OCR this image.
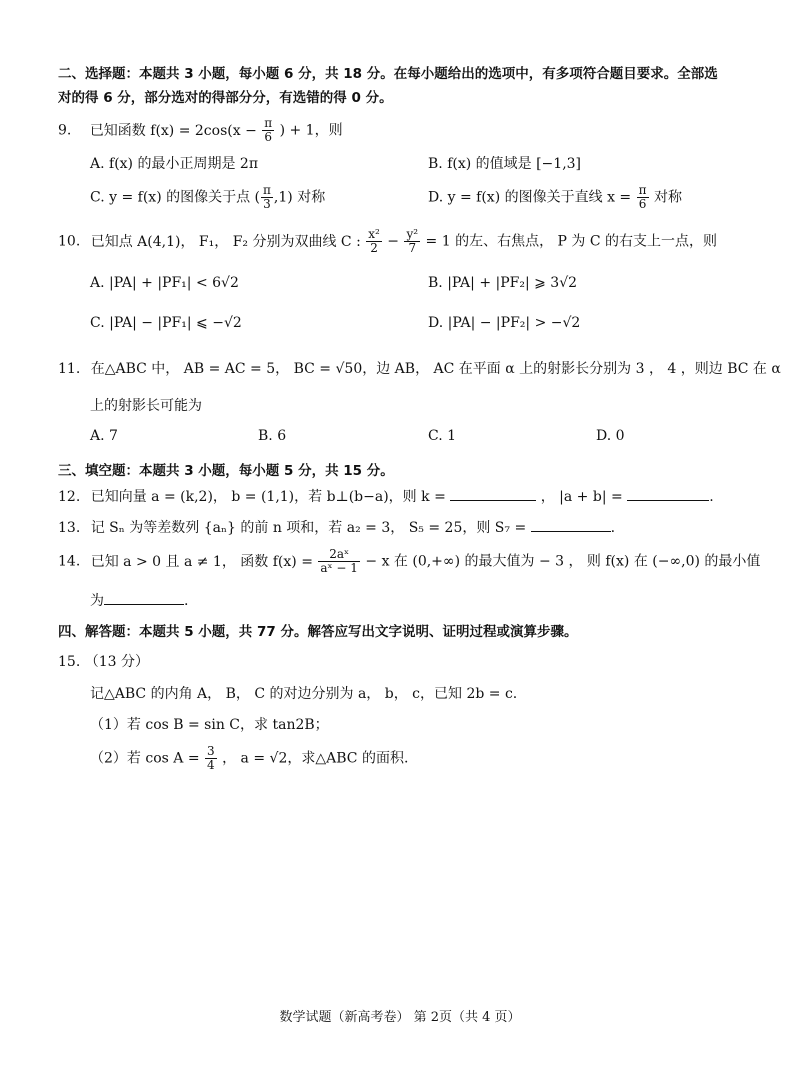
二、选择题：本题共 3 小题，每小题 6 分，共 18 分。在每小题给出的选项中，有多项符合题目要求。全部选
对的得 6 分，部分选对的得部分分，有选错的得 0 分。
9. 已知函数 $f(x) = 2\cos(x - \frac{\pi}{6}$ ) + 1，则
A. f(x) 的最小正周期是 2π	B. f(x) 的值域是 [−1,3]
C. y = f(x) 的图像关于点 ( $\frac{\pi}{3} ,1$) 对称	D. y = f(x) 的图像关于直线 $x = \frac{\pi}{6}$ 对称
10. 已知点 A(4,1)， F₁， F₂ 分别为双曲线 C : $\frac{\text{x²}}{2} - \frac{\text{y²}}{7} = 1$ 的左、右焦点， P 为 C 的右支上一点，则
A. |PA| + |PF₁| < 6√2	B. |PA| + |PF₂| ⩾ 3√2
C. |PA| − |PF₁| ⩽ −√2	D. |PA| − |PF₂| > −√2
11. 在△ABC 中， AB = AC = 5， BC = √50，边 AB， AC 在平面 α 上的射影长分别为 3 ， 4 ，则边 BC 在 α
上的射影长可能为
A. 7	B. 6	C. 1	D. 0
三、填空题：本题共 3 小题，每小题 5 分，共 15 分。
12. 已知向量 a = (k,2)， b = (1,1)，若 b⊥(b−a)，则 k =	， |a + b| =	.
13. 记 Sₙ 为等差数列 {aₙ} 的前 n 项和，若 a₂ = 3， S₅ = 25，则 S₇ =	.
14. 已知 a > 0 且 a ≠ 1， 函数 $f(x) = \frac{\text{2aˣ}}{\text{aˣ − 1}} - x$ 在 (0,+∞) 的最大值为 − 3 ， 则 f(x) 在 (−∞,0) 的最小值
为	.
四、解答题：本题共 5 小题，共 77 分。解答应写出文字说明、证明过程或演算步骤。
15. （13 分）
记△ABC 的内角 A， B， C 的对边分别为 a， b， c，已知 2b = c.
（1）若 cos B = sin C，求 tan2B；
（2）若 $\cos A = \frac{3}{4}$ ， a = √2，求△ABC 的面积.
数学试题（新高考卷） 第 2页（共 4 页）
